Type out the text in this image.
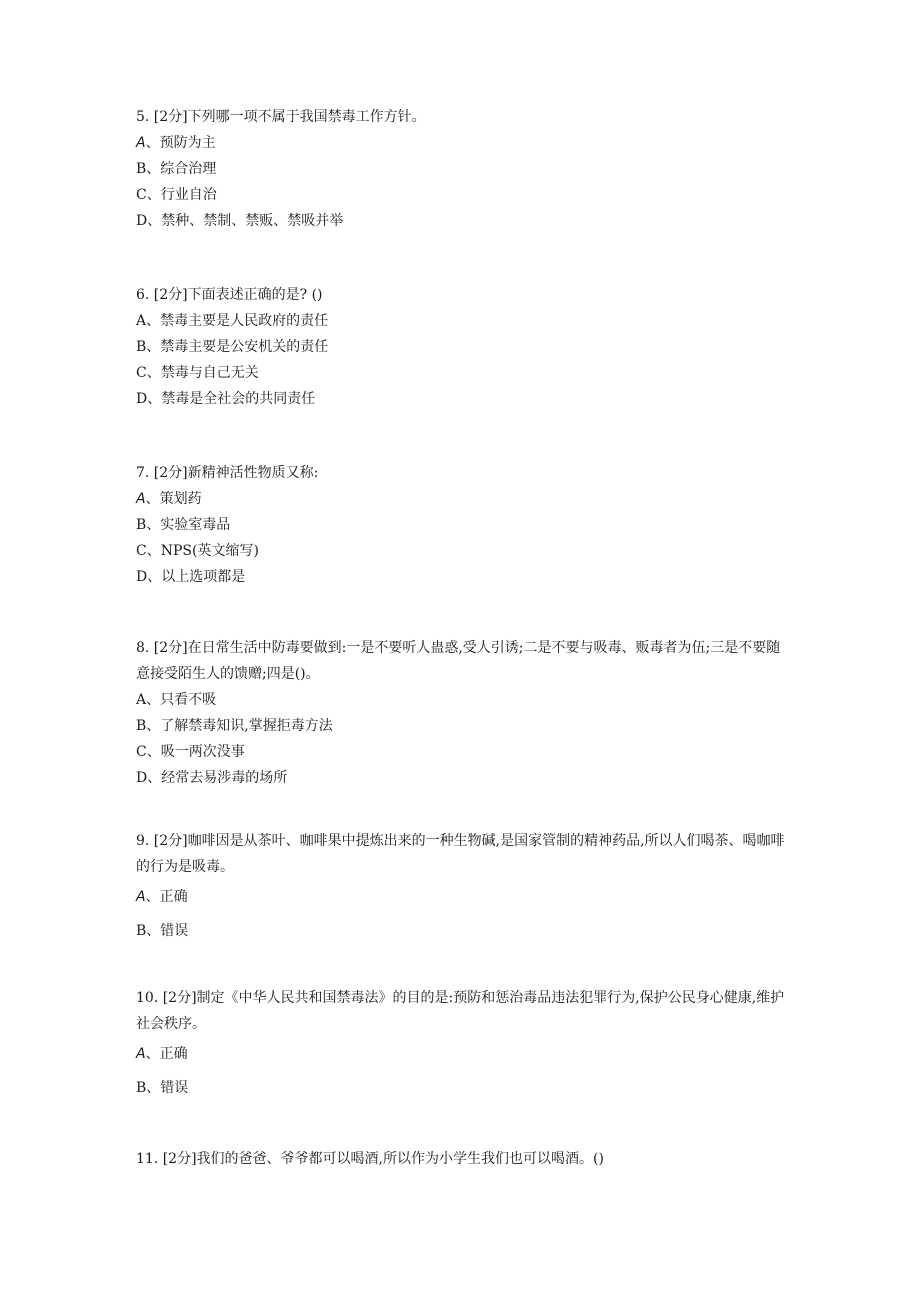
5. [2分]下列哪一项不属于我国禁毒工作方针。

A、预防为主

B、综合治理

C、行业自治

D、禁种、禁制、禁贩、禁吸并举

6. [2分]下面表述正确的是? ()

A、禁毒主要是人民政府的责任

B、禁毒主要是公安机关的责任

C、禁毒与自己无关

D、禁毒是全社会的共同责任

7. [2分]新精神活性物质又称:

A、策划药

B、实验室毒品

C、NPS(英文缩写)

D、以上选项都是

8. [2分]在日常生活中防毒要做到:一是不要听人蛊惑,受人引诱;二是不要与吸毒、贩毒者为伍;三是不要随意接受陌生人的馈赠;四是()。

A、只看不吸

B、了解禁毒知识,掌握拒毒方法

C、吸一两次没事

D、经常去易涉毒的场所

9. [2分]咖啡因是从茶叶、咖啡果中提炼出来的一种生物碱,是国家管制的精神药品,所以人们喝茶、喝咖啡的行为是吸毒。

A、正确

B、错误

10. [2分]制定《中华人民共和国禁毒法》的目的是:预防和惩治毒品违法犯罪行为,保护公民身心健康,维护社会秩序。

A、正确

B、错误

11. [2分]我们的爸爸、爷爷都可以喝酒,所以作为小学生我们也可以喝酒。()
